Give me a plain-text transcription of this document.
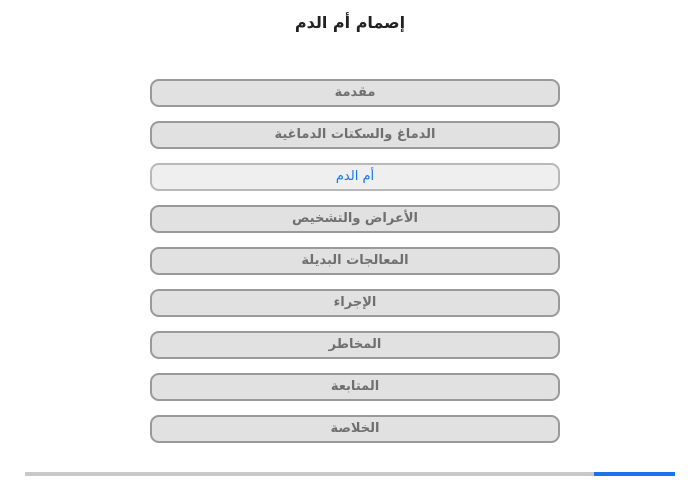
إصمام أم الدم
مقدمة
الدماغ والسكتات الدماغية
أم الدم
الأعراض والتشخيص
المعالجات البديلة
الإجراء
المخاطر
المتابعة
الخلاصة
